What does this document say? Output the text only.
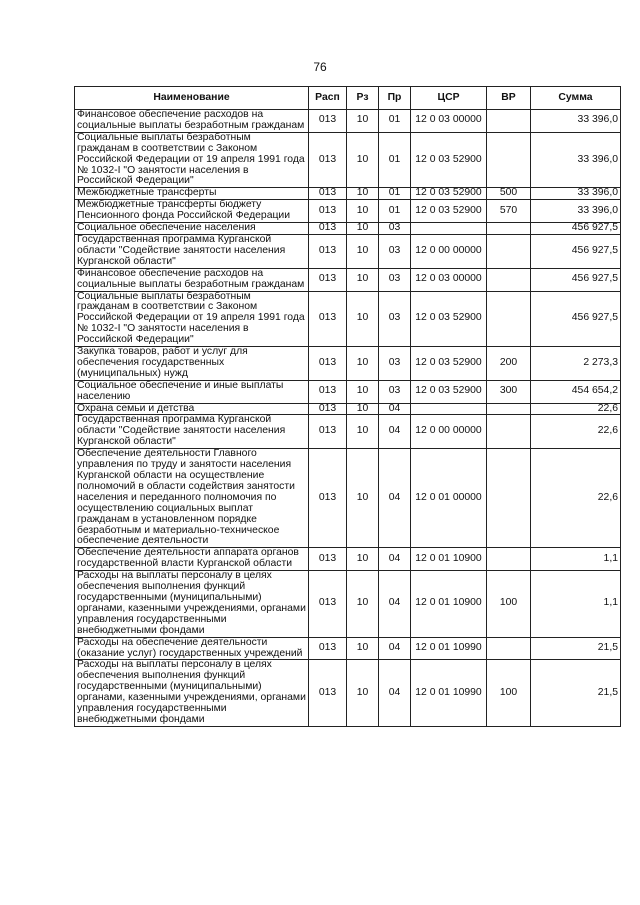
76
Наименование	Расп	Рз	Пр	ЦСР	ВР	Сумма
Финансовое обеспечение расходов на социальные выплаты безработным гражданам	013	10	01	12 0 03 00000		33 396,0
Социальные выплаты безработным гражданам в соответствии с Законом Российской Федерации от 19 апреля 1991 года № 1032-I "О занятости населения в Российской Федерации"	013	10	01	12 0 03 52900		33 396,0
Межбюджетные трансферты	013	10	01	12 0 03 52900	500	33 396,0
Межбюджетные трансферты бюджету Пенсионного фонда Российской Федерации	013	10	01	12 0 03 52900	570	33 396,0
Социальное обеспечение населения	013	10	03			456 927,5
Государственная программа Курганской области "Содействие занятости населения Курганской области"	013	10	03	12 0 00 00000		456 927,5
Финансовое обеспечение расходов на социальные выплаты безработным гражданам	013	10	03	12 0 03 00000		456 927,5
Социальные выплаты безработным гражданам в соответствии с Законом Российской Федерации от 19 апреля 1991 года № 1032-I "О занятости населения в Российской Федерации"	013	10	03	12 0 03 52900		456 927,5
Закупка товаров, работ и услуг для обеспечения государственных (муниципальных) нужд	013	10	03	12 0 03 52900	200	2 273,3
Социальное обеспечение и иные выплаты населению	013	10	03	12 0 03 52900	300	454 654,2
Охрана семьи и детства	013	10	04			22,6
Государственная программа Курганской области "Содействие занятости населения Курганской области"	013	10	04	12 0 00 00000		22,6
Обеспечение деятельности Главного управления по труду и занятости населения Курганской области на осуществление полномочий в области содействия занятости населения и переданного полномочия по осуществлению социальных выплат гражданам в установленном порядке безработным и материально-техническое обеспечение деятельности	013	10	04	12 0 01 00000		22,6
Обеспечение деятельности аппарата органов государственной власти Курганской области	013	10	04	12 0 01 10900		1,1
Расходы на выплаты персоналу в целях обеспечения выполнения функций государственными (муниципальными) органами, казенными учреждениями, органами управления государственными внебюджетными фондами	013	10	04	12 0 01 10900	100	1,1
Расходы на обеспечение деятельности (оказание услуг) государственных учреждений	013	10	04	12 0 01 10990		21,5
Расходы на выплаты персоналу в целях обеспечения выполнения функций государственными (муниципальными) органами, казенными учреждениями, органами управления государственными внебюджетными фондами	013	10	04	12 0 01 10990	100	21,5
